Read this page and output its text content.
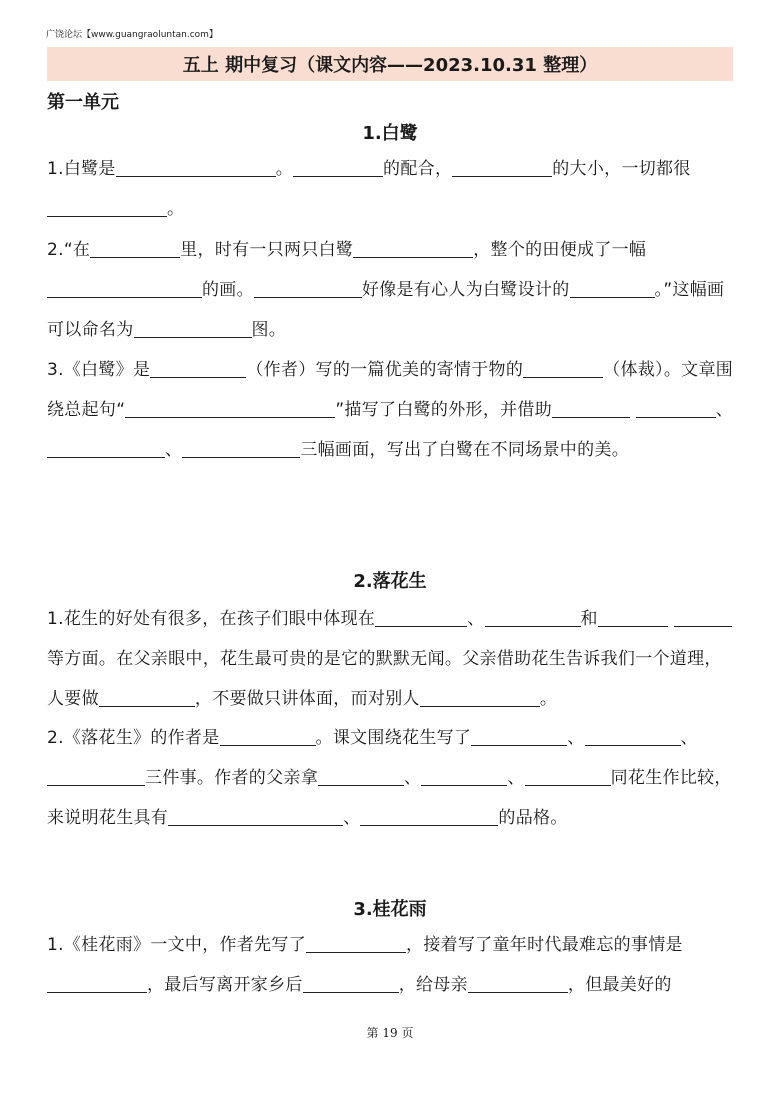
广饶论坛【www.guangraoluntan.com】
五上 期中复习（课文内容——2023.10.31 整理）
第一单元
1.白鹭
1.白鹭是	。	的配合，	的大小，一切都很 。
2.“在	里，时有一只两只白鹭	，整个的田便成了一幅 的画。	好像是有心人为白鹭设计的	。”这幅画可以命名为	图。
3.《白鹭》是	（作者）写的一篇优美的寄情于物的	（体裁）。文章围绕总起句“	”描写了白鹭的外形，并借助	、、	三幅画面，写出了白鹭在不同场景中的美。
2.落花生
1.花生的好处有很多，在孩子们眼中体现在	、	和 等方面。在父亲眼中，花生最可贵的是它的默默无闻。父亲借助花生告诉我们一个道理，人要做	，不要做只讲体面，而对别人	。
2.《落花生》的作者是	。课文围绕花生写了	、	、 三件事。作者的父亲拿	、	、	同花生作比较，来说明花生具有	、	的品格。
3.桂花雨
1.《桂花雨》一文中，作者先写了	，接着写了童年时代最难忘的事情是，最后写离开家乡后	，给母亲	，但最美好的
第 19 页
